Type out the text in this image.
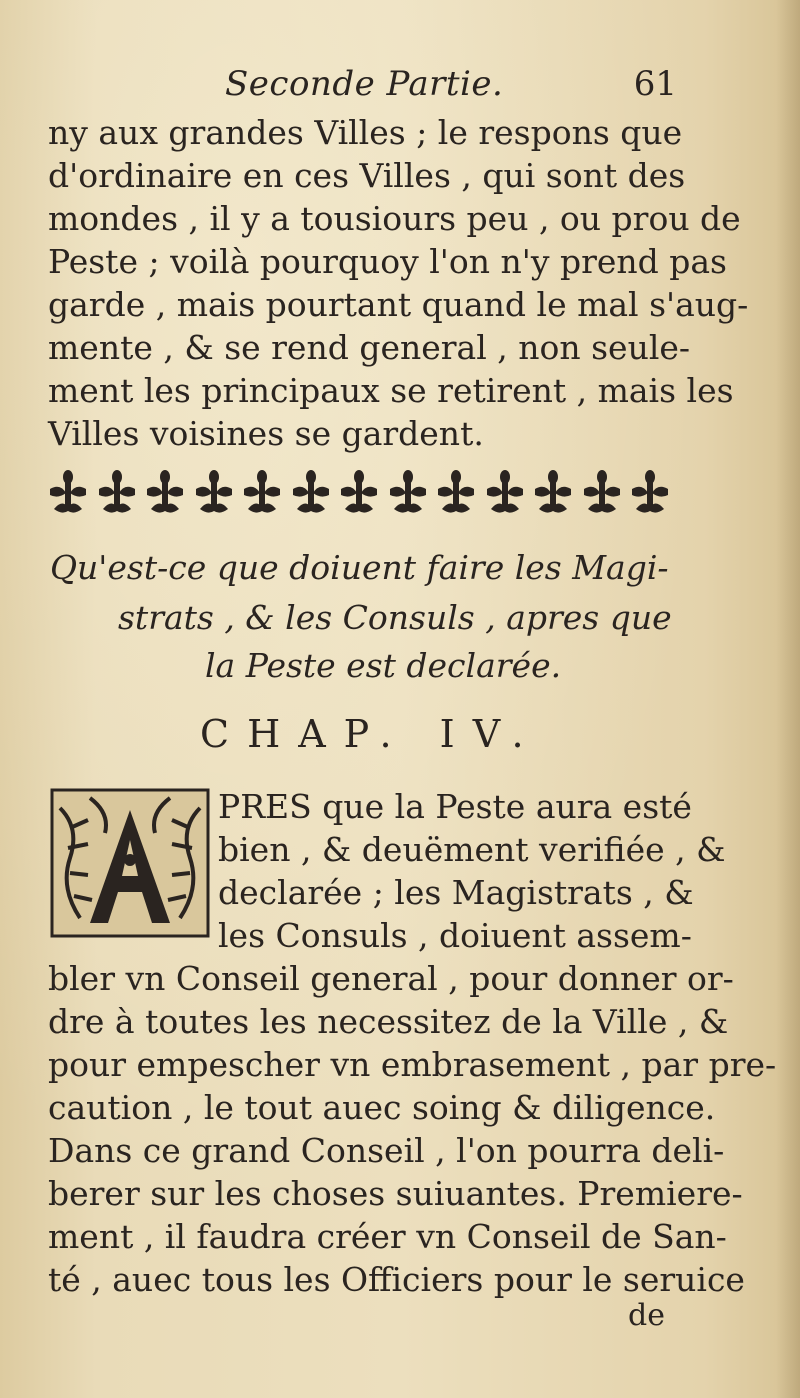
Seconde Partie.	61
ny aux grandes Villes ; le respons que
d'ordinaire en ces Villes , qui sont des
mondes , il y a tousiours peu , ou prou de
Peste ; voilà pourquoy l'on n'y prend pas
garde , mais pourtant quand le mal s'aug-
mente , & se rend general , non seule-
ment les principaux se retirent , mais les
Villes voisines se gardent.
Qu'est-ce que doiuent faire les Magi-
strats , & les Consuls , apres que
la Peste est declarée.
CHAP. IV.
PRES que la Peste aura esté
bien , & deuëment verifiée , &
declarée ; les Magistrats , &
les Consuls , doiuent assem-
bler vn Conseil general , pour donner or-
dre à toutes les necessitez de la Ville , &
pour empescher vn embrasement , par pre-
caution , le tout auec soing & diligence.
Dans ce grand Conseil , l'on pourra deli-
berer sur les choses suiuantes. Premiere-
ment , il faudra créer vn Conseil de San-
té , auec tous les Officiers pour le seruice
de
